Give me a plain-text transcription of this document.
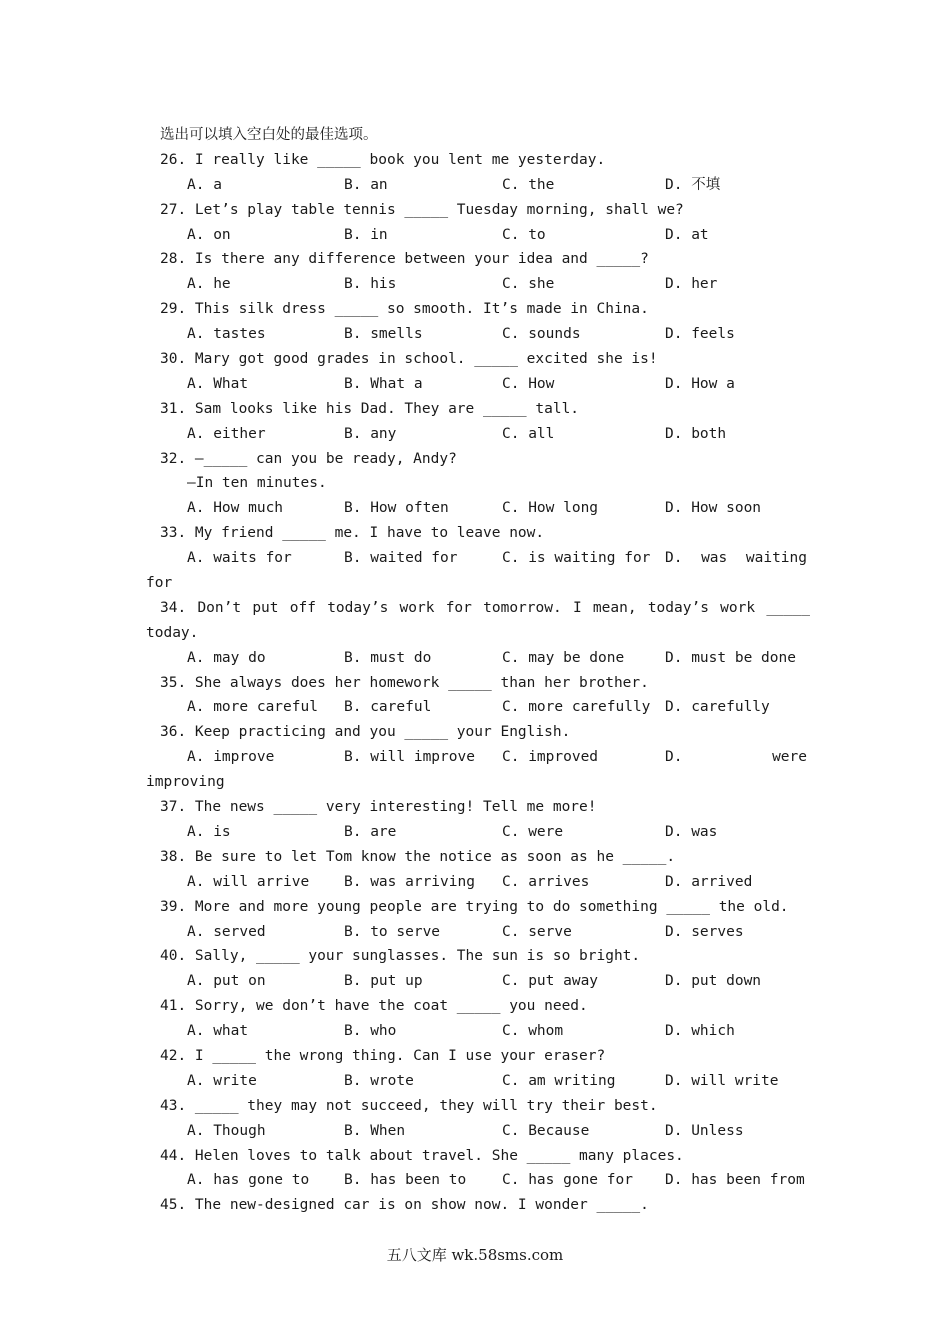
选出可以填入空白处的最佳选项。
26. I really like _____ book you lent me yesterday.
A. a	B. an	C. the	D. 不填
27. Let’s play table tennis _____ Tuesday morning, shall we?
A. on	B. in	C. to	D. at
28. Is there any difference between your idea and _____?
A. he	B. his	C. she	D. her
29. This silk dress _____ so smooth. It’s made in China.
A. tastes	B. smells	C. sounds	D. feels
30. Mary got good grades in school. _____ excited she is!
A. What	B. What a	C. How	D. How a
31. Sam looks like his Dad. They are _____ tall.
A. either	B. any	C. all	D. both
32. —_____ can you be ready, Andy?
—In ten minutes.
A. How much	B. How often	C. How long	D. How soon
33. My friend _____ me. I have to leave now.
A. waits for	B. waited for	C. is waiting for D. was waiting
for
34. Don’t put off today’s work for tomorrow. I mean, today’s work _____
today.
A. may do	B. must do	C. may be done	D. must be done
35. She always does her homework _____ than her brother.
A. more careful B. careful	C. more carefully D. carefully
36. Keep practicing and you _____ your English.
A. improve	B. will improve C. improved	D.	were
improving
37. The news _____ very interesting! Tell me more!
A. is	B. are	C. were	D. was
38. Be sure to let Tom know the notice as soon as he _____.
A. will arrive B. was arriving C. arrives	D. arrived
39. More and more young people are trying to do something _____ the old.
A. served	B. to serve	C. serve	D. serves
40. Sally, _____ your sunglasses. The sun is so bright.
A. put on	B. put up	C. put away	D. put down
41. Sorry, we don’t have the coat _____ you need.
A. what	B. who	C. whom	D. which
42. I _____ the wrong thing. Can I use your eraser?
A. write	B. wrote	C. am writing	D. will write
43. _____ they may not succeed, they will try their best.
A. Though	B. When	C. Because	D. Unless
44. Helen loves to talk about travel. She _____ many places.
A. has gone to B. has been to C. has gone for D. has been from
45. The new-designed car is on show now. I wonder _____.
五八文库 wk.58sms.com
